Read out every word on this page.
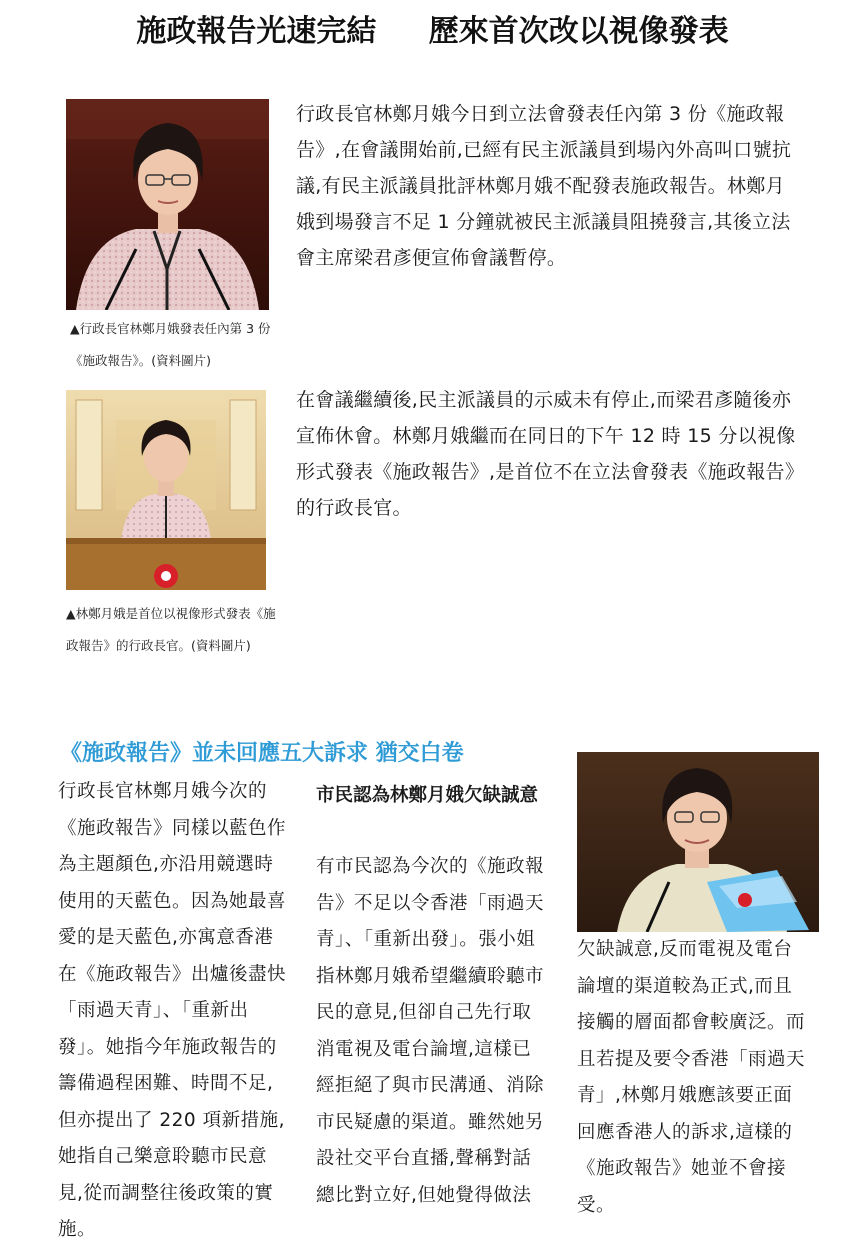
施政報告光速完結     歷來首次改以視像發表
▲行政長官林鄭月娥發表任內第 3 份《施政報告》。(資料圖片)

行政長官林鄭月娥今日到立法會發表任內第 3 份《施政報告》,在會議開始前,已經有民主派議員到場內外高叫口號抗議,有民主派議員批評林鄭月娥不配發表施政報告。林鄭月娥到場發言不足 1 分鐘就被民主派議員阻撓發言,其後立法會主席梁君彥便宣佈會議暫停。

▲林鄭月娥是首位以視像形式發表《施政報告》的行政長官。(資料圖片)

在會議繼續後,民主派議員的示威未有停止,而梁君彥隨後亦宣佈休會。林鄭月娥繼而在同日的下午 12 時 15 分以視像形式發表《施政報告》,是首位不在立法會發表《施政報告》的行政長官。

《施政報告》並未回應五大訴求 猶交白卷

行政長官林鄭月娥今次的《施政報告》同樣以藍色作為主題顏色,亦沿用競選時使用的天藍色。因為她最喜愛的是天藍色,亦寓意香港在《施政報告》出爐後盡快「雨過天青」、「重新出發」。她指今年施政報告的籌備過程困難、時間不足,但亦提出了 220 項新措施,她指自己樂意聆聽市民意見,從而調整往後政策的實施。

市民認為林鄭月娥欠缺誠意

有市民認為今次的《施政報告》不足以令香港「雨過天青」、「重新出發」。張小姐指林鄭月娥希望繼續聆聽市民的意見,但卻自己先行取消電視及電台論壇,這樣已經拒絕了與市民溝通、消除市民疑慮的渠道。雖然她另設社交平台直播,聲稱對話總比對立好,但她覺得做法

欠缺誠意,反而電視及電台論壇的渠道較為正式,而且接觸的層面都會較廣泛。而且若提及要令香港「雨過天青」,林鄭月娥應該要正面回應香港人的訴求,這樣的《施政報告》她並不會接受。
